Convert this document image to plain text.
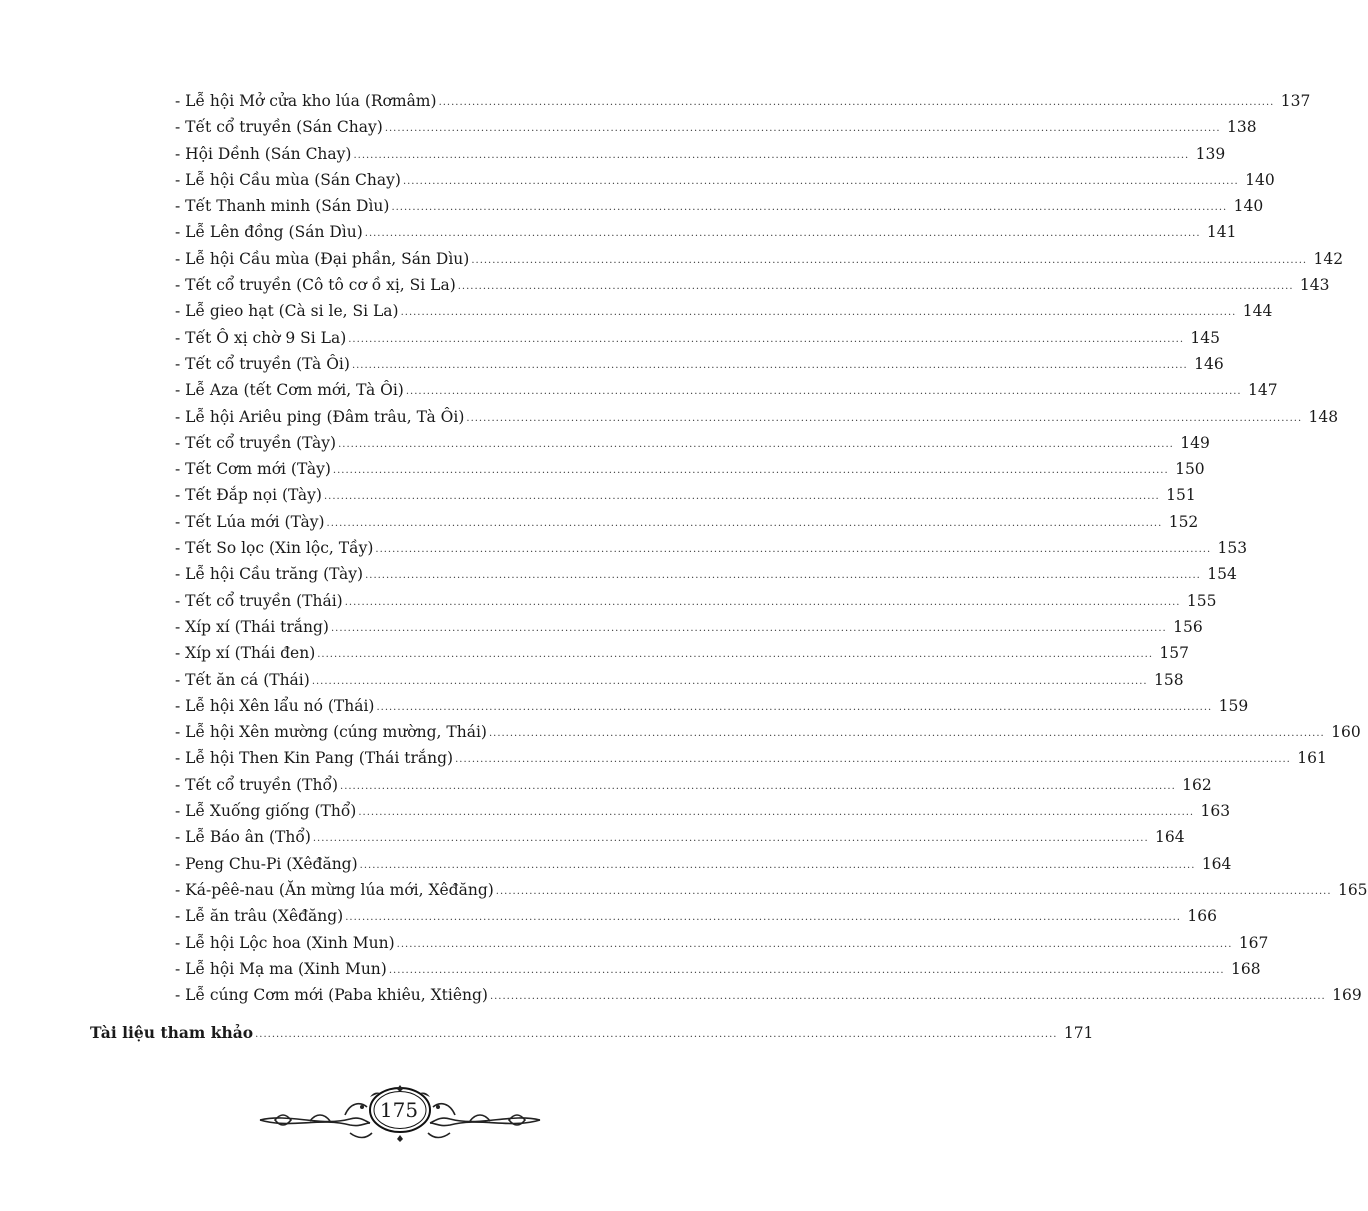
- Lễ hội Mở cửa kho lúa (Rơmâm) ........................................................................................................................................................................................................ 137
- Tết cổ truyền (Sán Chay) ........................................................................................................................................................................................................ 138
- Hội Dềnh (Sán Chay) ........................................................................................................................................................................................................ 139
- Lễ hội Cầu mùa (Sán Chay) ........................................................................................................................................................................................................ 140
- Tết Thanh minh (Sán Dìu) ........................................................................................................................................................................................................ 140
- Lễ Lên đồng (Sán Dìu) ........................................................................................................................................................................................................ 141
- Lễ hội Cầu mùa (Đại phần, Sán Dìu) ........................................................................................................................................................................................................ 142
- Tết cổ truyền (Cô tô cơ ồ xị, Si La) ........................................................................................................................................................................................................ 143
- Lễ gieo hạt (Cà si le, Si La) ........................................................................................................................................................................................................ 144
- Tết Ô xị chờ 9 Si La) ........................................................................................................................................................................................................ 145
- Tết cổ truyền (Tà Ôi) ........................................................................................................................................................................................................ 146
- Lễ Aza (tết Cơm mới, Tà Ôi) ........................................................................................................................................................................................................ 147
- Lễ hội Ariêu ping (Đâm trâu, Tà Ôi) ........................................................................................................................................................................................................ 148
- Tết cổ truyền (Tày) ........................................................................................................................................................................................................ 149
- Tết Cơm mới (Tày) ........................................................................................................................................................................................................ 150
- Tết Đắp nọi (Tày) ........................................................................................................................................................................................................ 151
- Tết Lúa mới (Tày) ........................................................................................................................................................................................................ 152
- Tết So lọc (Xin lộc, Tầy) ........................................................................................................................................................................................................ 153
- Lễ hội Cầu trăng (Tày) ........................................................................................................................................................................................................ 154
- Tết cổ truyền (Thái) ........................................................................................................................................................................................................ 155
- Xíp xí (Thái trắng) ........................................................................................................................................................................................................ 156
- Xíp xí (Thái đen) ........................................................................................................................................................................................................ 157
- Tết ăn cá (Thái) ........................................................................................................................................................................................................ 158
- Lễ hội Xên lẩu nó (Thái) ........................................................................................................................................................................................................ 159
- Lễ hội Xên mường (cúng mường, Thái) ........................................................................................................................................................................................................ 160
- Lễ hội Then Kin Pang (Thái trắng) ........................................................................................................................................................................................................ 161
- Tết cổ truyền (Thổ) ........................................................................................................................................................................................................ 162
- Lễ Xuống giống (Thổ) ........................................................................................................................................................................................................ 163
- Lễ Báo ân (Thổ) ........................................................................................................................................................................................................ 164
- Peng Chu-Pi (Xêđăng) ........................................................................................................................................................................................................ 164
- Ká-pêê-nau (Ăn mừng lúa mới, Xêđăng) ........................................................................................................................................................................................................ 165
- Lễ ăn trâu (Xêđăng) ........................................................................................................................................................................................................ 166
- Lễ hội Lộc hoa (Xinh Mun) ........................................................................................................................................................................................................ 167
- Lễ hội Mạ ma (Xinh Mun) ........................................................................................................................................................................................................ 168
- Lễ cúng Cơm mới (Paba khiêu, Xtiêng) ........................................................................................................................................................................................................ 169
Tài liệu tham khảo ................................................................................................................................................................................................ 171
175
